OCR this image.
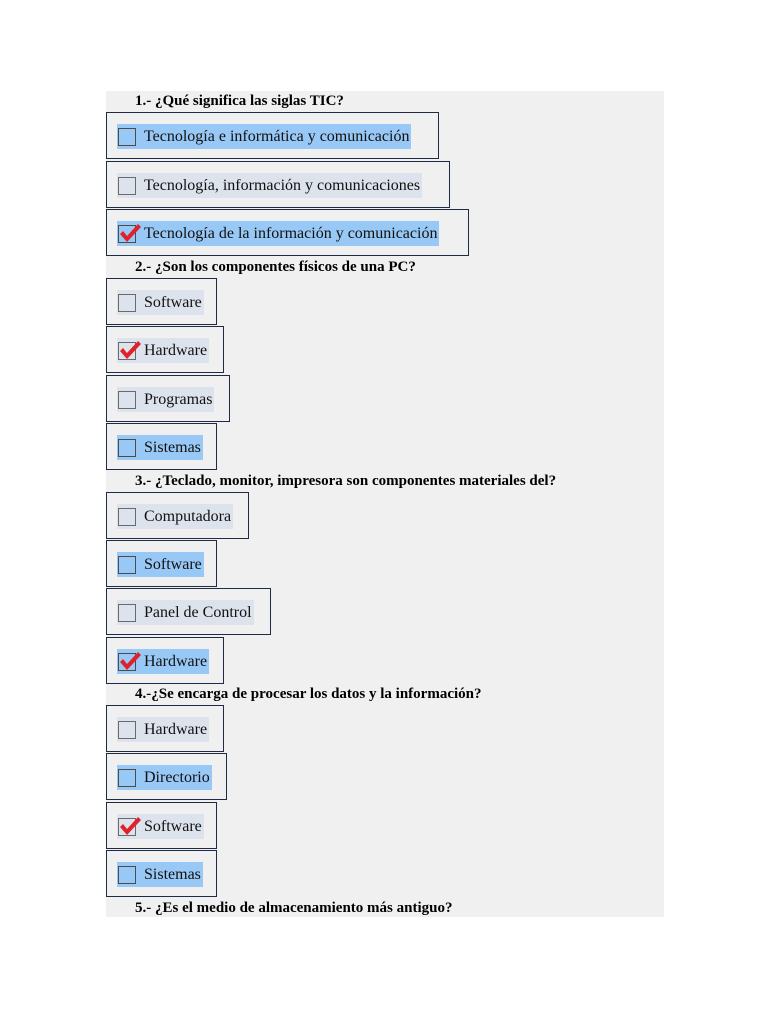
1.- ¿Qué significa las siglas TIC?
Tecnología e informática y comunicación
Tecnología, información y comunicaciones
Tecnología de la información y comunicación
2.- ¿Son los componentes físicos de una PC?
Software
Hardware
Programas
Sistemas
3.- ¿Teclado, monitor, impresora son componentes materiales del?
Computadora
Software
Panel de Control
Hardware
4.-¿Se encarga de procesar los datos y la información?
Hardware
Directorio
Software
Sistemas
5.- ¿Es el medio de almacenamiento más antiguo?
